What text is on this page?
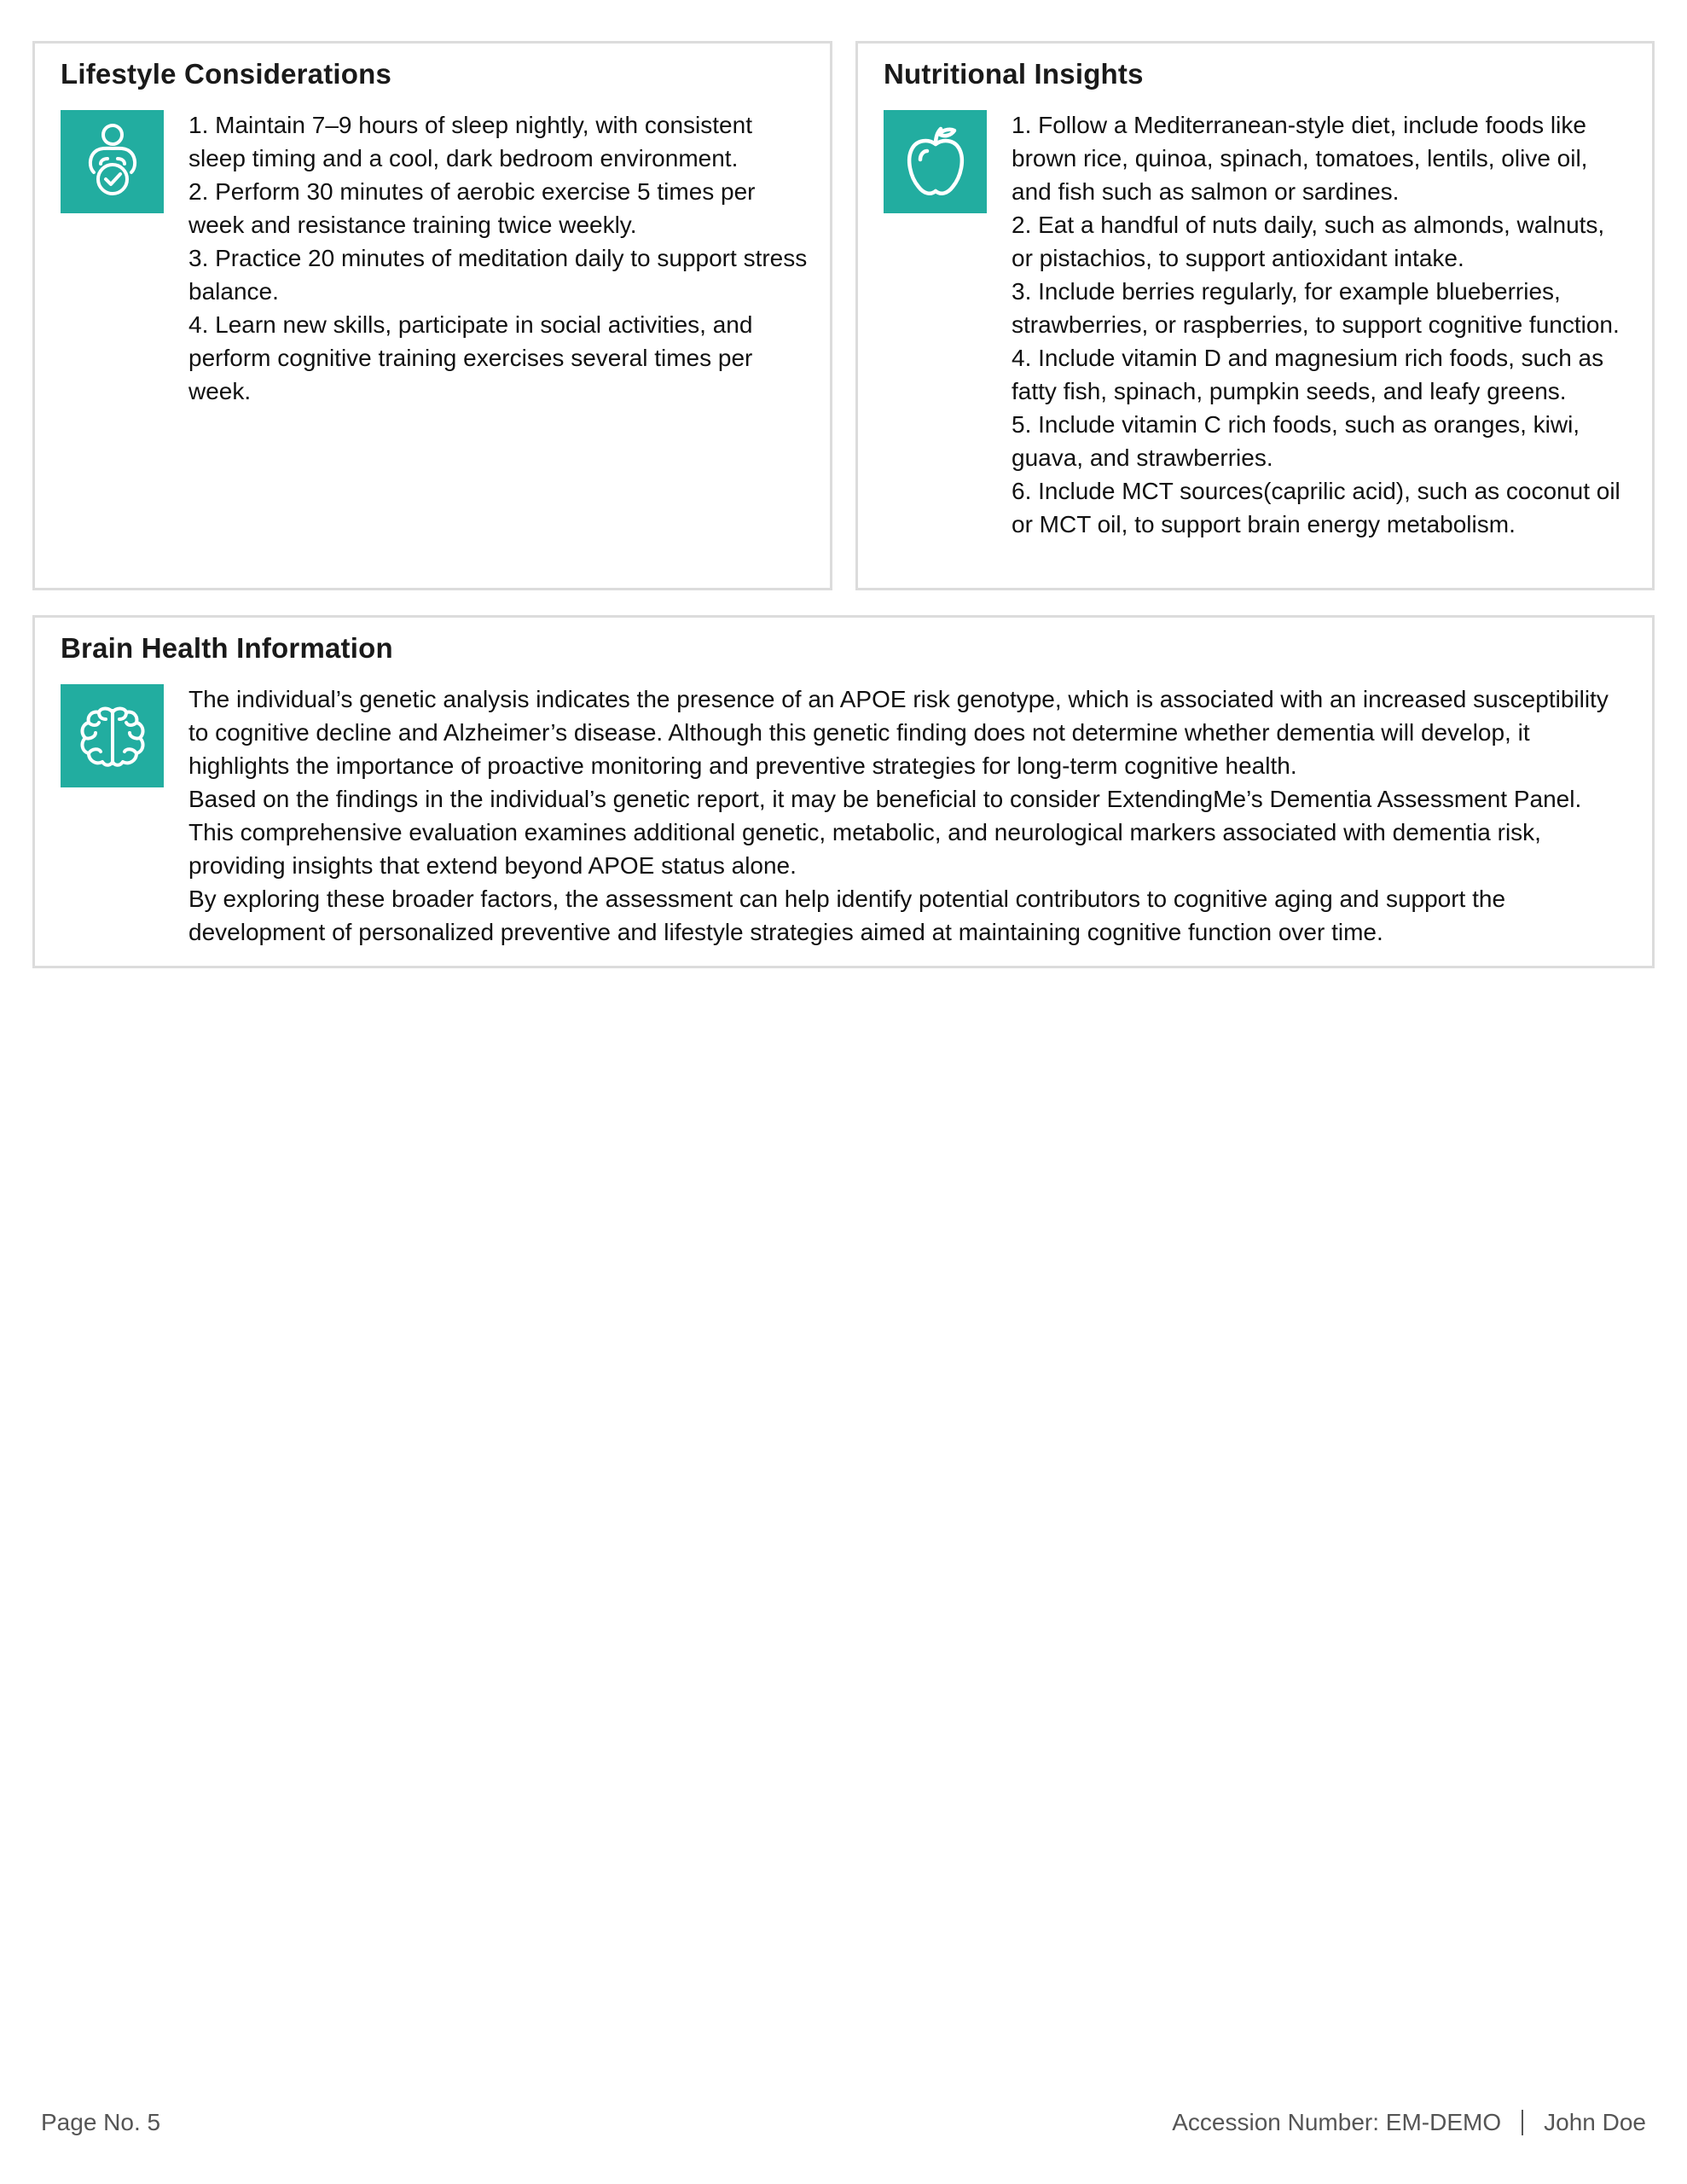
Lifestyle Considerations

1. Maintain 7–9 hours of sleep nightly, with consistent sleep timing and a cool, dark bedroom environment.

2. Perform 30 minutes of aerobic exercise 5 times per week and resistance training twice weekly.

3. Practice 20 minutes of meditation daily to support stress balance.

4. Learn new skills, participate in social activities, and perform cognitive training exercises several times per week.

Nutritional Insights

1. Follow a Mediterranean-style diet, include foods like brown rice, quinoa, spinach, tomatoes, lentils, olive oil, and fish such as salmon or sardines.

2. Eat a handful of nuts daily, such as almonds, walnuts, or pistachios, to support antioxidant intake.

3. Include berries regularly, for example blueberries, strawberries, or raspberries, to support cognitive function.

4. Include vitamin D and magnesium rich foods, such as fatty fish, spinach, pumpkin seeds, and leafy greens.

5. Include vitamin C rich foods, such as oranges, kiwi, guava, and strawberries.

6. Include MCT sources(caprilic acid), such as coconut oil or MCT oil, to support brain energy metabolism.

Brain Health Information

The individual’s genetic analysis indicates the presence of an APOE risk genotype, which is associated with an increased susceptibility to cognitive decline and Alzheimer’s disease. Although this genetic finding does not determine whether dementia will develop, it highlights the importance of proactive monitoring and preventive strategies for long-term cognitive health.

Based on the findings in the individual’s genetic report, it may be beneficial to consider ExtendingMe’s Dementia Assessment Panel. This comprehensive evaluation examines additional genetic, metabolic, and neurological markers associated with dementia risk, providing insights that extend beyond APOE status alone.

By exploring these broader factors, the assessment can help identify potential contributors to cognitive aging and support the development of personalized preventive and lifestyle strategies aimed at maintaining cognitive function over time.

Page No. 5	Accession Number: EM-DEMO John Doe
